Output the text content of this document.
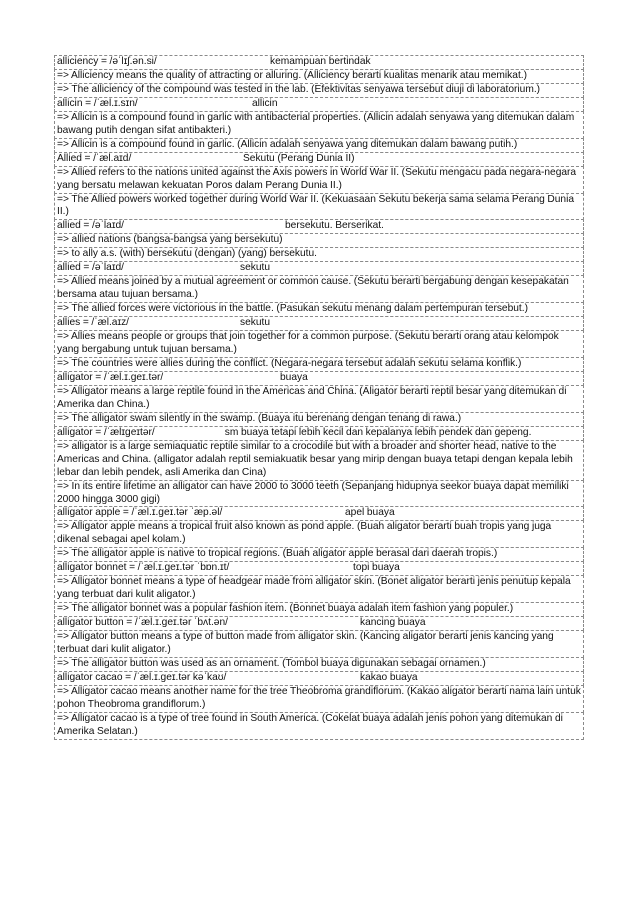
alliciency = /əˈlɪʃ.ən.si/	kemampuan bertindak
=> Alliciency means the quality of attracting or alluring. (Alliciency berarti kualitas menarik atau memikat.)
=> The alliciency of the compound was tested in the lab. (Efektivitas senyawa tersebut diuji di laboratorium.)
allicin = /ˈæl.ɪ.sɪn/	allicin
=> Allicin is a compound found in garlic with antibacterial properties. (Allicin adalah senyawa yang ditemukan dalam bawang putih dengan sifat antibakteri.)
=> Allicin is a compound found in garlic. (Allicin adalah senyawa yang ditemukan dalam bawang putih.)
Allied = /ˈæl.aɪd/	Sekutu (Perang Dunia II)
=> Allied refers to the nations united against the Axis powers in World War II. (Sekutu mengacu pada negara-negara yang bersatu melawan kekuatan Poros dalam Perang Dunia II.)
=> The Allied powers worked together during World War II. (Kekuasaan Sekutu bekerja sama selama Perang Dunia II.)
allied = /əˈlaɪd/	bersekutu. Berserikat.
=> allied nations (bangsa-bangsa yang bersekutu)
=> to ally a.s. (with) bersekutu (dengan) (yang) bersekutu.
allied = /əˈlaɪd/	sekutu
=> Allied means joined by a mutual agreement or common cause. (Sekutu berarti bergabung dengan kesepakatan bersama atau tujuan bersama.)
=> The allied forces were victorious in the battle. (Pasukan sekutu menang dalam pertempuran tersebut.)
allies = /ˈæl.aɪz/	sekutu
=> Allies means people or groups that join together for a common purpose. (Sekutu berarti orang atau kelompok yang bergabung untuk tujuan bersama.)
=> The countries were allies during the conflict. (Negara-negara tersebut adalah sekutu selama konflik.)
alligator = /ˈæl.ɪ.ɡeɪ.tər/	buaya
=> Alligator means a large reptile found in the Americas and China. (Aligator berarti reptil besar yang ditemukan di Amerika dan China.)
=> The alligator swam silently in the swamp. (Buaya itu berenang dengan tenang di rawa.)
alligator = /ˈælɪɡeɪtər/	sm buaya tetapi lebih kecil dan kepalanya lebih pendek dan gepeng.
=> alligator is a large semiaquatic reptile similar to a crocodile but with a broader and shorter head, native to the Americas and China. (alligator adalah reptil semiakuatik besar yang mirip dengan buaya tetapi dengan kepala lebih lebar dan lebih pendek, asli Amerika dan Cina)
=> In its entire lifetime an alligator can have 2000 to 3000 teeth (Sepanjang hidupnya seekor buaya dapat memiliki 2000 hingga 3000 gigi)
alligator apple = /ˈæl.ɪ.ɡeɪ.tər ˈæp.əl/	apel buaya
=> Alligator apple means a tropical fruit also known as pond apple. (Buah aligator berarti buah tropis yang juga dikenal sebagai apel kolam.)
=> The alligator apple is native to tropical regions. (Buah aligator apple berasal dari daerah tropis.)
alligator bonnet = /ˈæl.ɪ.ɡeɪ.tər ˈbɒn.ɪt/	topi buaya
=> Alligator bonnet means a type of headgear made from alligator skin. (Bonet aligator berarti jenis penutup kepala yang terbuat dari kulit aligator.)
=> The alligator bonnet was a popular fashion item. (Bonnet buaya adalah item fashion yang populer.)
alligator button = /ˈæl.ɪ.ɡeɪ.tər ˈbʌt.ən/	kancing buaya
=> Alligator button means a type of button made from alligator skin. (Kancing aligator berarti jenis kancing yang terbuat dari kulit aligator.)
=> The alligator button was used as an ornament. (Tombol buaya digunakan sebagai ornamen.)
alligator cacao = /ˈæl.ɪ.ɡeɪ.tər kəˈkaʊ/	kakao buaya
=> Alligator cacao means another name for the tree Theobroma grandiflorum. (Kakao aligator berarti nama lain untuk pohon Theobroma grandiflorum.)
=> Alligator cacao is a type of tree found in South America. (Cokelat buaya adalah jenis pohon yang ditemukan di Amerika Selatan.)
